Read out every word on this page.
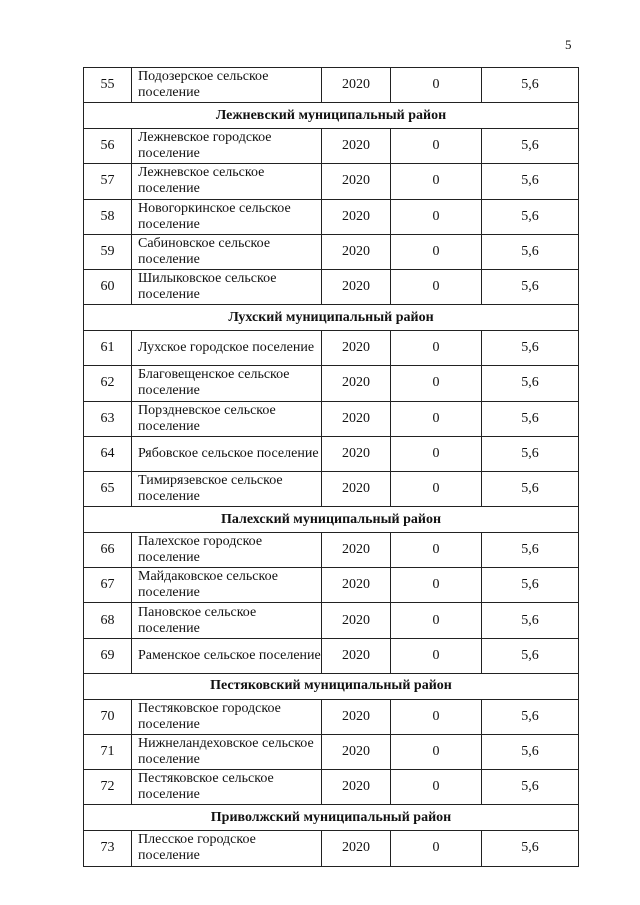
5
55	Подозерское сельское поселение	2020	0	5,6
Лежневский муниципальный район				
56	Лежневское городское поселение	2020	0	5,6
57	Лежневское сельское поселение	2020	0	5,6
58	Новогоркинское сельское поселение	2020	0	5,6
59	Сабиновское сельское поселение	2020	0	5,6
60	Шилыковское сельское поселение	2020	0	5,6
Лухский муниципальный район				
61	Лухское городское поселение	2020	0	5,6
62	Благовещенское сельское поселение	2020	0	5,6
63	Порздневское сельское поселение	2020	0	5,6
64	Рябовское сельское поселение	2020	0	5,6
65	Тимирязевское сельское поселение	2020	0	5,6
Палехский муниципальный район				
66	Палехское городское поселение	2020	0	5,6
67	Майдаковское сельское поселение	2020	0	5,6
68	Пановское сельское поселение	2020	0	5,6
69	Раменское сельское поселение	2020	0	5,6
Пестяковский муниципальный район				
70	Пестяковское городское поселение	2020	0	5,6
71	Нижнеландеховское сельское поселение	2020	0	5,6
72	Пестяковское сельское поселение	2020	0	5,6
Приволжский муниципальный район				
73	Плесское городское поселение	2020	0	5,6
